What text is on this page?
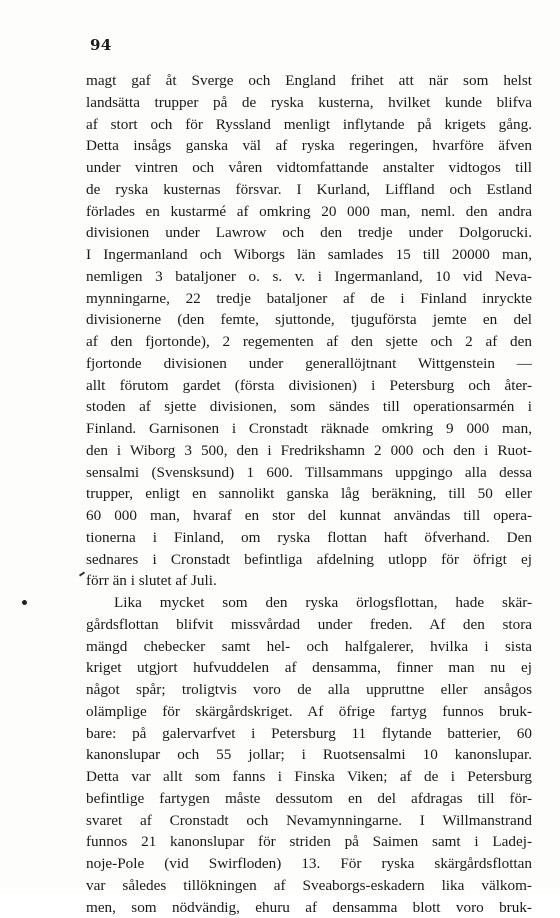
94
magt gaf åt Sverge och England frihet att när som helst
landsätta trupper på de ryska kusterna, hvilket kunde blifva
af stort och för Ryssland menligt inflytande på krigets gång.
Detta insågs ganska väl af ryska regeringen, hvarföre äfven
under vintren och våren vidtomfattande anstalter vidtogos till
de ryska kusternas försvar. I Kurland, Liffland och Estland
förlades en kustarmé af omkring 20 000 man, neml. den andra
divisionen under Lawrow och den tredje under Dolgorucki.
I Ingermanland och Wiborgs län samlades 15 till 20000 man,
nemligen 3 bataljoner o. s. v. i Ingermanland, 10 vid Neva-
mynningarne, 22 tredje bataljoner af de i Finland inryckte
divisionerne (den femte, sjuttonde, tjuguförsta jemte en del
af den fjortonde), 2 regementen af den sjette och 2 af den
fjortonde divisionen under generallöjtnant Wittgenstein —
allt förutom gardet (första divisionen) i Petersburg och åter-
stoden af sjette divisionen, som sändes till operationsarmén i
Finland. Garnisonen i Cronstadt räknade omkring 9 000 man,
den i Wiborg 3 500, den i Fredrikshamn 2 000 och den i Ruot-
sensalmi (Svensksund) 1 600. Tillsammans uppgingo alla dessa
trupper, enligt en sannolikt ganska låg beräkning, till 50 eller
60 000 man, hvaraf en stor del kunnat användas till opera-
tionerna i Finland, om ryska flottan haft öfverhand. Den
sednares i Cronstadt befintliga afdelning utlopp för öfrigt ej
förr än i slutet af Juli.
Lika mycket som den ryska örlogsflottan, hade skär-
gårdsflottan blifvit missvårdad under freden. Af den stora
mängd chebecker samt hel- och halfgalerer, hvilka i sista
kriget utgjort hufvuddelen af densamma, finner man nu ej
något spår; troligtvis voro de alla uppruttne eller ansågos
olämplige för skärgårdskriget. Af öfrige fartyg funnos bruk-
bare: på galervarfvet i Petersburg 11 flytande batterier, 60
kanonslupar och 55 jollar; i Ruotsensalmi 10 kanonslupar.
Detta var allt som fanns i Finska Viken; af de i Petersburg
befintlige fartygen måste dessutom en del afdragas till för-
svaret af Cronstadt och Nevamynningarne. I Willmanstrand
funnos 21 kanonslupar för striden på Saimen samt i Ladej-
noje-Pole (vid Swirfloden) 13. För ryska skärgårdsflottan
var således tillökningen af Sveaborgs-eskadern lika välkom-
men, som nödvändig, ehuru af densamma blott voro bruk-
